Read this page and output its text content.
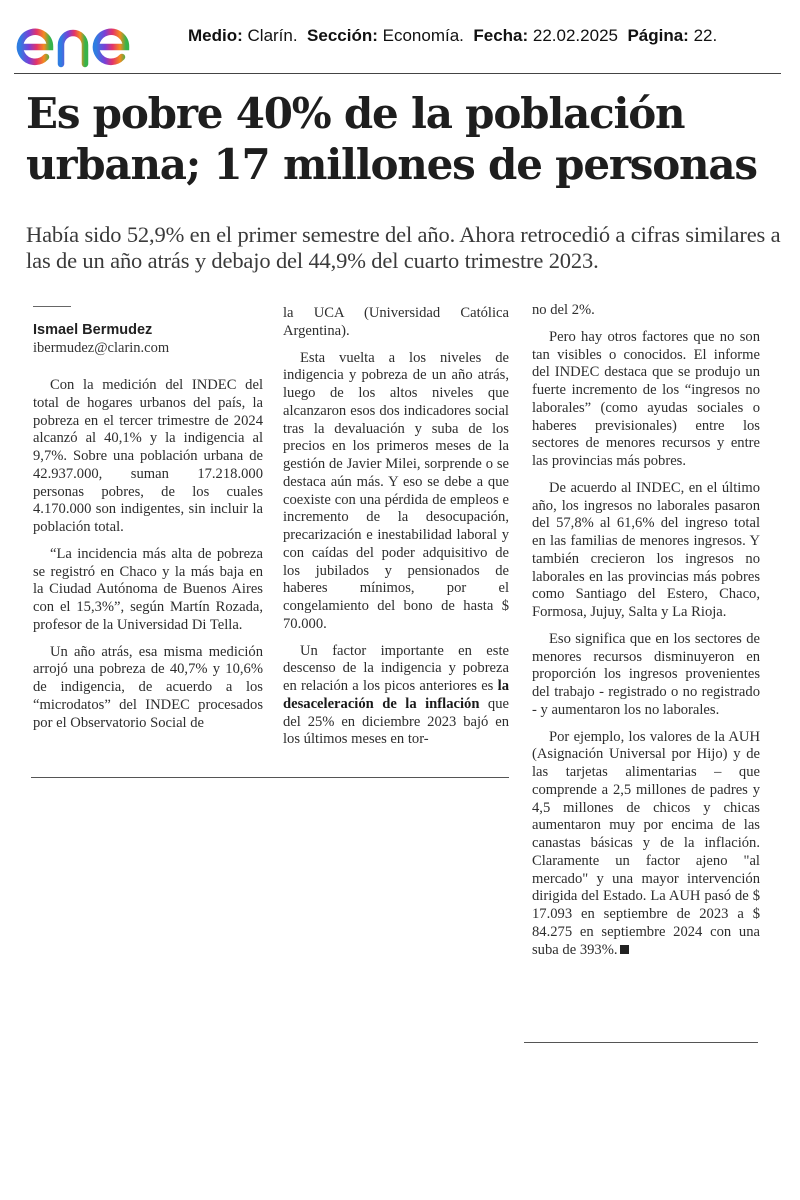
Medio: Clarín. Sección: Economía. Fecha: 22.02.2025 Página: 22.
Es pobre 40% de la población urbana; 17 millones de personas

Había sido 52,9% en el primer semestre del año. Ahora retrocedió a cifras similares a las de un año atrás y debajo del 44,9% del cuarto trimestre 2023.

Ismael Bermudez
ibermudez@clarin.com

Con la medición del INDEC del total de hogares urbanos del país, la pobreza en el tercer trimestre de 2024 alcanzó al 40,1% y la indigencia al 9,7%. Sobre una población urbana de 42.937.000, suman 17.218.000 personas pobres, de los cuales 4.170.000 son indigentes, sin incluir la población total.

“La incidencia más alta de pobreza se registró en Chaco y la más baja en la Ciudad Autónoma de Buenos Aires con el 15,3%”, según Martín Rozada, profesor de la Universidad Di Tella.

Un año atrás, esa misma medición arrojó una pobreza de 40,7% y 10,6% de indigencia, de acuerdo a los “microdatos” del INDEC procesados por el Observatorio Social de

la UCA (Universidad Católica Argentina).

Esta vuelta a los niveles de indigencia y pobreza de un año atrás, luego de los altos niveles que alcanzaron esos dos indicadores social tras la devaluación y suba de los precios en los primeros meses de la gestión de Javier Milei, sorprende o se destaca aún más. Y eso se debe a que coexiste con una pérdida de empleos e incremento de la desocupación, precarización e inestabilidad laboral y con caídas del poder adquisitivo de los jubilados y pensionados de haberes mínimos, por el congelamiento del bono de hasta $ 70.000.

Un factor importante en este descenso de la indigencia y pobreza en relación a los picos anteriores es la desaceleración de la inflación que del 25% en diciembre 2023 bajó en los últimos meses en tor-

no del 2%.

Pero hay otros factores que no son tan visibles o conocidos. El informe del INDEC destaca que se produjo un fuerte incremento de los “ingresos no laborales” (como ayudas sociales o haberes previsionales) entre los sectores de menores recursos y entre las provincias más pobres.

De acuerdo al INDEC, en el último año, los ingresos no laborales pasaron del 57,8% al 61,6% del ingreso total en las familias de menores ingresos. Y también crecieron los ingresos no laborales en las provincias más pobres como Santiago del Estero, Chaco, Formosa, Jujuy, Salta y La Rioja.

Eso significa que en los sectores de menores recursos disminuyeron en proporción los ingresos provenientes del trabajo - registrado o no registrado - y aumentaron los no laborales.

Por ejemplo, los valores de la AUH (Asignación Universal por Hijo) y de las tarjetas alimentarias – que comprende a 2,5 millones de padres y 4,5 millones de chicos y chicas aumentaron muy por encima de las canastas básicas y de la inflación. Claramente un factor ajeno "al mercado" y una mayor intervención dirigida del Estado. La AUH pasó de $ 17.093 en septiembre de 2023 a $ 84.275 en septiembre 2024 con una suba de 393%.
